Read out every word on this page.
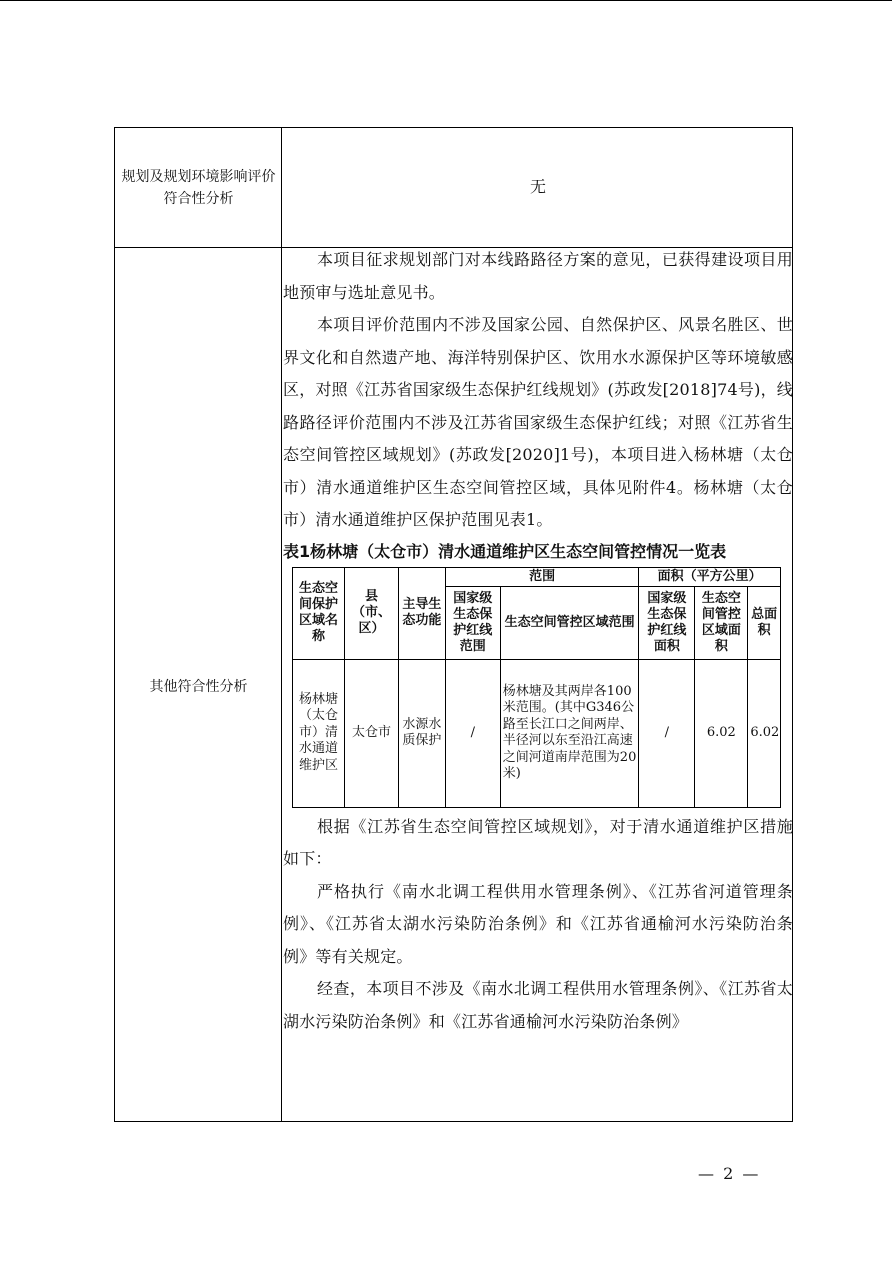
规划及规划环境影响评价符合性分析
无
其他符合性分析

本项目征求规划部门对本线路路径方案的意见，已获得建设项目用地预审与选址意见书。

本项目评价范围内不涉及国家公园、自然保护区、风景名胜区、世界文化和自然遗产地、海洋特别保护区、饮用水水源保护区等环境敏感区，对照《江苏省国家级生态保护红线规划》(苏政发[2018]74号)，线路路径评价范围内不涉及江苏省国家级生态保护红线；对照《江苏省生态空间管控区域规划》(苏政发[2020]1号)，本项目进入杨林塘（太仓市）清水通道维护区生态空间管控区域，具体见附件4。杨林塘（太仓市）清水通道维护区保护范围见表1。

表1杨林塘（太仓市）清水通道维护区生态空间管控情况一览表

生态空间保护区域名称	县（市、区）	主导生态功能	范围		面积（平方公里）		
			国家级生态保护红线范围	生态空间管控区域范围	国家级生态保护红线面积	生态空间管控区域面积	总面积
杨林塘（太仓市）清水通道维护区	太仓市	水源水质保护	/	杨林塘及其两岸各100米范围。(其中G346公路至长江口之间两岸、半径河以东至沿江高速之间河道南岸范围为20米)	/	6.02	6.02

根据《江苏省生态空间管控区域规划》，对于清水通道维护区措施如下：

严格执行《南水北调工程供用水管理条例》、《江苏省河道管理条例》、《江苏省太湖水污染防治条例》和《江苏省通榆河水污染防治条例》等有关规定。

经查，本项目不涉及《南水北调工程供用水管理条例》、《江苏省太湖水污染防治条例》和《江苏省通榆河水污染防治条例》

— 2 —
